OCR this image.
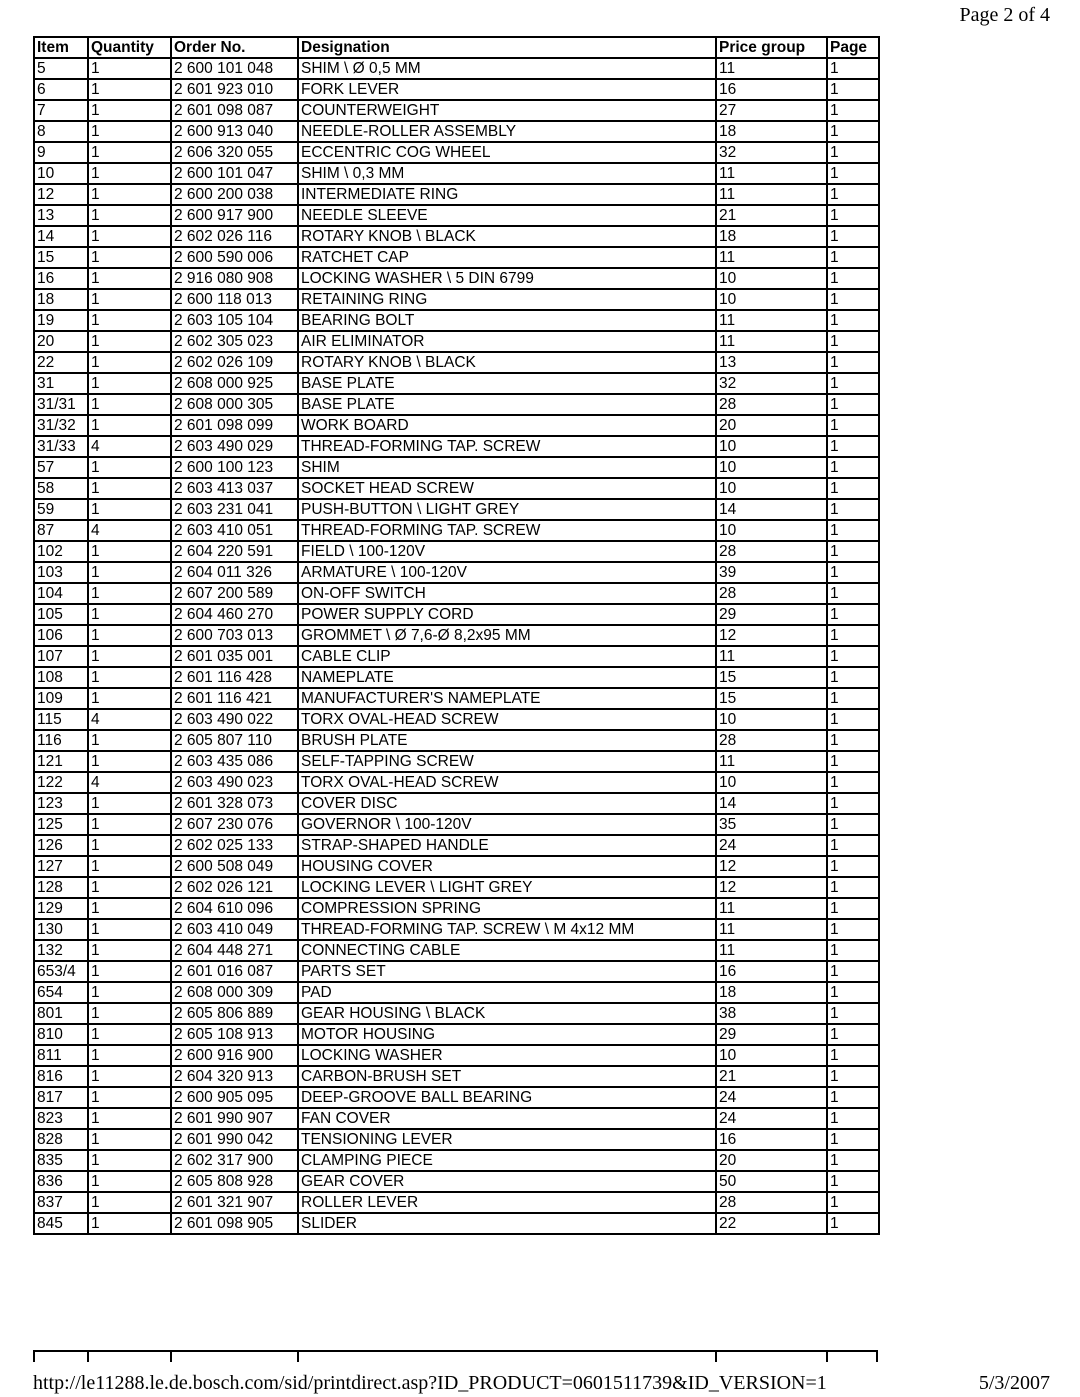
Page 2 of 4
Item	Quantity	Order No.	Designation	Price group	Page
5	1	2 600 101 048	SHIM \ Ø 0,5 MM	11	1
6	1	2 601 923 010	FORK LEVER	16	1
7	1	2 601 098 087	COUNTERWEIGHT	27	1
8	1	2 600 913 040	NEEDLE-ROLLER ASSEMBLY	18	1
9	1	2 606 320 055	ECCENTRIC COG WHEEL	32	1
10	1	2 600 101 047	SHIM \ 0,3 MM	11	1
12	1	2 600 200 038	INTERMEDIATE RING	11	1
13	1	2 600 917 900	NEEDLE SLEEVE	21	1
14	1	2 602 026 116	ROTARY KNOB \ BLACK	18	1
15	1	2 600 590 006	RATCHET CAP	11	1
16	1	2 916 080 908	LOCKING WASHER \ 5 DIN 6799	10	1
18	1	2 600 118 013	RETAINING RING	10	1
19	1	2 603 105 104	BEARING BOLT	11	1
20	1	2 602 305 023	AIR ELIMINATOR	11	1
22	1	2 602 026 109	ROTARY KNOB \ BLACK	13	1
31	1	2 608 000 925	BASE PLATE	32	1
31/31	1	2 608 000 305	BASE PLATE	28	1
31/32	1	2 601 098 099	WORK BOARD	20	1
31/33	4	2 603 490 029	THREAD-FORMING TAP. SCREW	10	1
57	1	2 600 100 123	SHIM	10	1
58	1	2 603 413 037	SOCKET HEAD SCREW	10	1
59	1	2 603 231 041	PUSH-BUTTON \ LIGHT GREY	14	1
87	4	2 603 410 051	THREAD-FORMING TAP. SCREW	10	1
102	1	2 604 220 591	FIELD \ 100-120V	28	1
103	1	2 604 011 326	ARMATURE \ 100-120V	39	1
104	1	2 607 200 589	ON-OFF SWITCH	28	1
105	1	2 604 460 270	POWER SUPPLY CORD	29	1
106	1	2 600 703 013	GROMMET \ Ø 7,6-Ø 8,2x95 MM	12	1
107	1	2 601 035 001	CABLE CLIP	11	1
108	1	2 601 116 428	NAMEPLATE	15	1
109	1	2 601 116 421	MANUFACTURER'S NAMEPLATE	15	1
115	4	2 603 490 022	TORX OVAL-HEAD SCREW	10	1
116	1	2 605 807 110	BRUSH PLATE	28	1
121	1	2 603 435 086	SELF-TAPPING SCREW	11	1
122	4	2 603 490 023	TORX OVAL-HEAD SCREW	10	1
123	1	2 601 328 073	COVER DISC	14	1
125	1	2 607 230 076	GOVERNOR \ 100-120V	35	1
126	1	2 602 025 133	STRAP-SHAPED HANDLE	24	1
127	1	2 600 508 049	HOUSING COVER	12	1
128	1	2 602 026 121	LOCKING LEVER \ LIGHT GREY	12	1
129	1	2 604 610 096	COMPRESSION SPRING	11	1
130	1	2 603 410 049	THREAD-FORMING TAP. SCREW \ M 4x12 MM	11	1
132	1	2 604 448 271	CONNECTING CABLE	11	1
653/4	1	2 601 016 087	PARTS SET	16	1
654	1	2 608 000 309	PAD	18	1
801	1	2 605 806 889	GEAR HOUSING \ BLACK	38	1
810	1	2 605 108 913	MOTOR HOUSING	29	1
811	1	2 600 916 900	LOCKING WASHER	10	1
816	1	2 604 320 913	CARBON-BRUSH SET	21	1
817	1	2 600 905 095	DEEP-GROOVE BALL BEARING	24	1
823	1	2 601 990 907	FAN COVER	24	1
828	1	2 601 990 042	TENSIONING LEVER	16	1
835	1	2 602 317 900	CLAMPING PIECE	20	1
836	1	2 605 808 928	GEAR COVER	50	1
837	1	2 601 321 907	ROLLER LEVER	28	1
845	1	2 601 098 905	SLIDER	22	1
http://le11288.le.de.bosch.com/sid/printdirect.asp?ID_PRODUCT=0601511739&ID_VERSION=1	5/3/2007
